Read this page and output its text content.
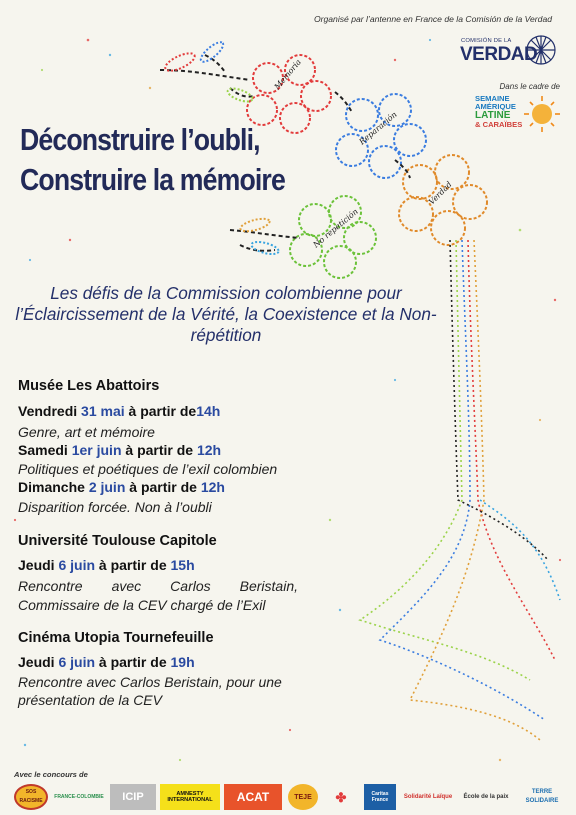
Memoria
Reparación
Verdad
No repetición
Organisé par l’antenne en France de la Comisión de la Verdad
COMISIÓN DE LA
VERDAD
Dans le cadre de
SEMAINE
AMÉRIQUE
LATINE
& CARAÏBES
Déconstruire l’oubli,
Construire la mémoire
Les défis de la Commission colombienne pour l’Éclaircissement de la Vérité, la Coexistence et la Non-répétition
Musée Les Abattoirs
Vendredi 31 mai à partir de14h
Genre, art et mémoire
Samedi 1er juin à partir de 12h
Politiques et poétiques de l’exil colombien
Dimanche 2 juin à partir de 12h
Disparition forcée. Non à l’oubli
Université Toulouse Capitole
Jeudi 6 juin à partir de 15h
Rencontre avec Carlos Beristain,
Commissaire de la CEV chargé de l’Exil
Cinéma Utopia Tournefeuille
Jeudi 6 juin à partir de 19h
Rencontre avec Carlos Beristain, pour une
présentation de la CEV
Avec le concours de
SOS RACISME
FRANCE-COLOMBIE ICIP	AMNESTY INTERNATIONAL	ACAT	TEJE ✤	Caritas France
Solidarité Laïque École de la paix
TERRE SOLIDAIRE
